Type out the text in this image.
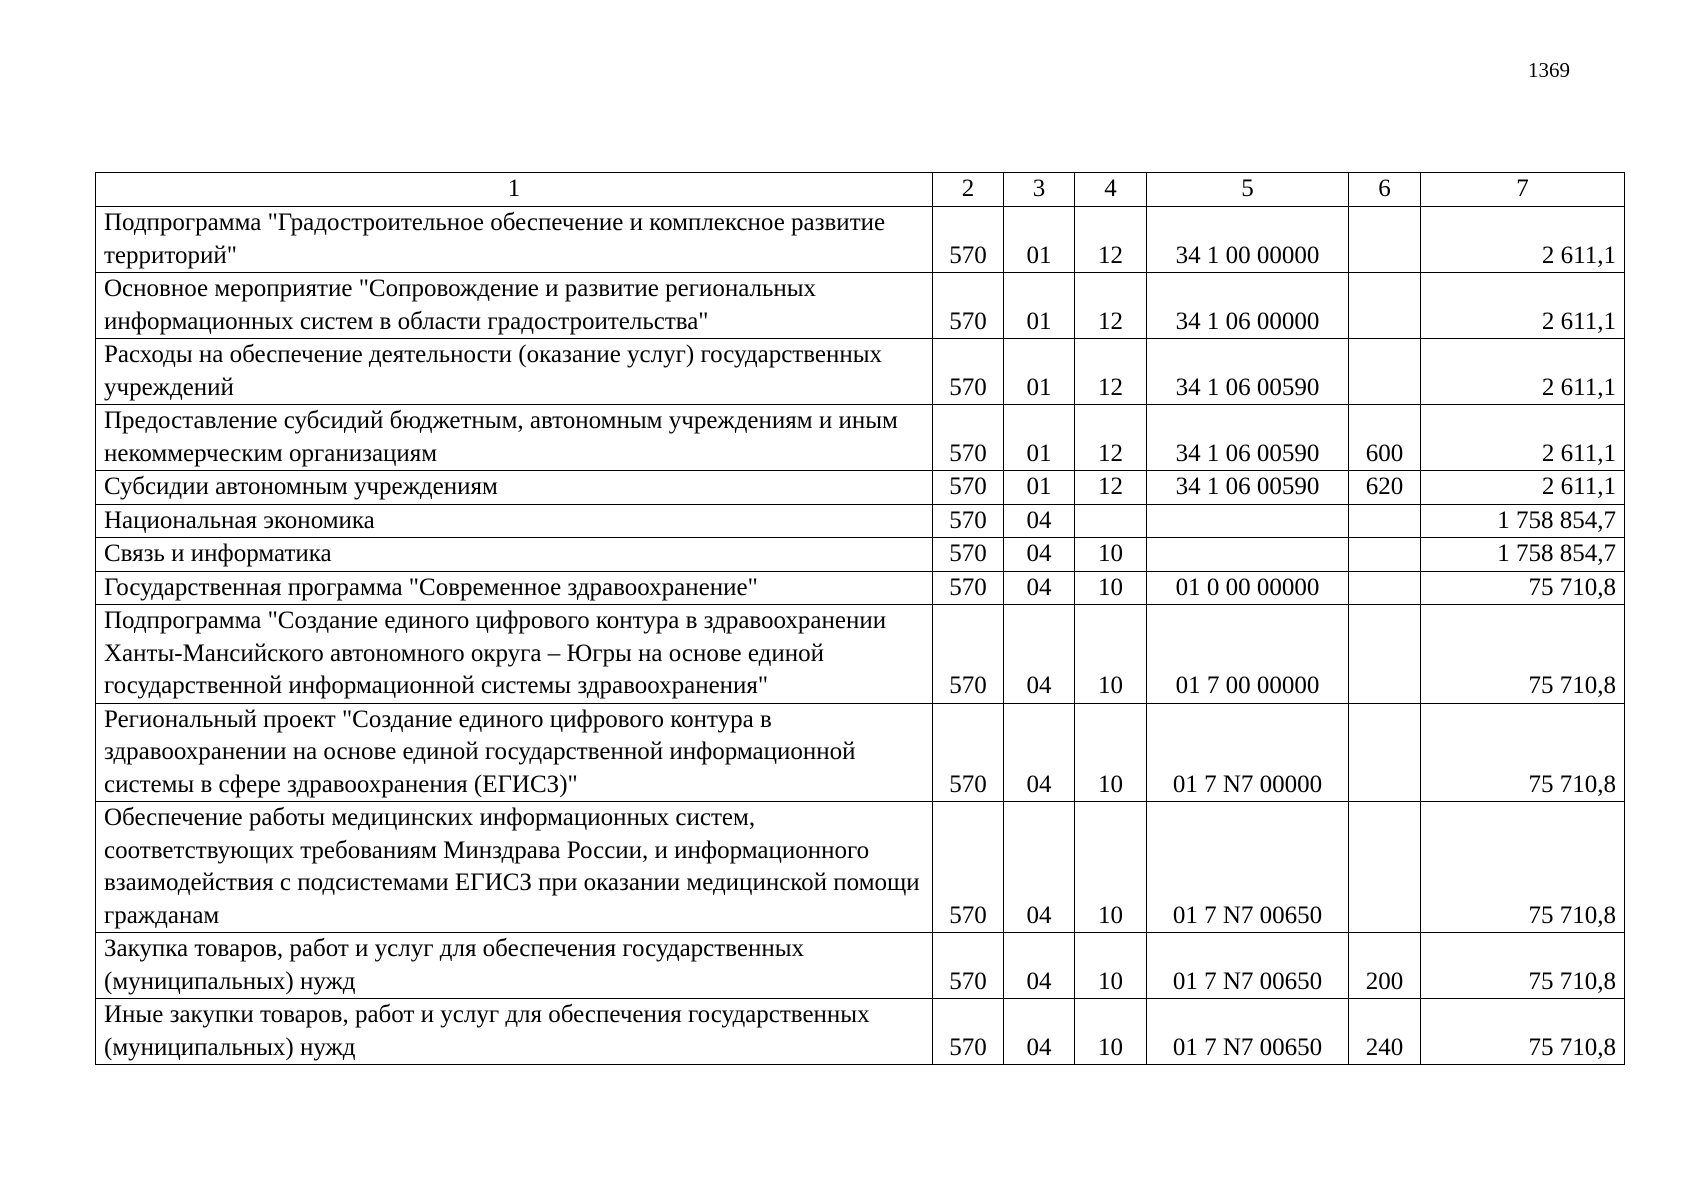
1369
1	2	3	4	5	6	7
Подпрограмма "Градостроительное обеспечение и комплексное развитие территорий"	570	01	12	34 1 00 00000		2 611,1
Основное мероприятие "Сопровождение и развитие региональных информационных систем в области градостроительства"	570	01	12	34 1 06 00000		2 611,1
Расходы на обеспечение деятельности (оказание услуг) государственных учреждений	570	01	12	34 1 06 00590		2 611,1
Предоставление субсидий бюджетным, автономным учреждениям и иным некоммерческим организациям	570	01	12	34 1 06 00590	600	2 611,1
Субсидии автономным учреждениям	570	01	12	34 1 06 00590	620	2 611,1
Национальная экономика	570	04				1 758 854,7
Связь и информатика	570	04	10			1 758 854,7
Государственная программа "Современное здравоохранение"	570	04	10	01 0 00 00000		75 710,8
Подпрограмма "Создание единого цифрового контура в здравоохранении Ханты-Мансийского автономного округа – Югры на основе единой государственной информационной системы здравоохранения"	570	04	10	01 7 00 00000		75 710,8
Региональный проект "Создание единого цифрового контура в здравоохранении на основе единой государственной информационной системы в сфере здравоохранения (ЕГИСЗ)"	570	04	10	01 7 N7 00000		75 710,8
Обеспечение работы медицинских информационных систем, соответствующих требованиям Минздрава России, и информационного взаимодействия с подсистемами ЕГИСЗ при оказании медицинской помощи гражданам	570	04	10	01 7 N7 00650		75 710,8
Закупка товаров, работ и услуг для обеспечения государственных (муниципальных) нужд	570	04	10	01 7 N7 00650	200	75 710,8
Иные закупки товаров, работ и услуг для обеспечения государственных (муниципальных) нужд	570	04	10	01 7 N7 00650	240	75 710,8
